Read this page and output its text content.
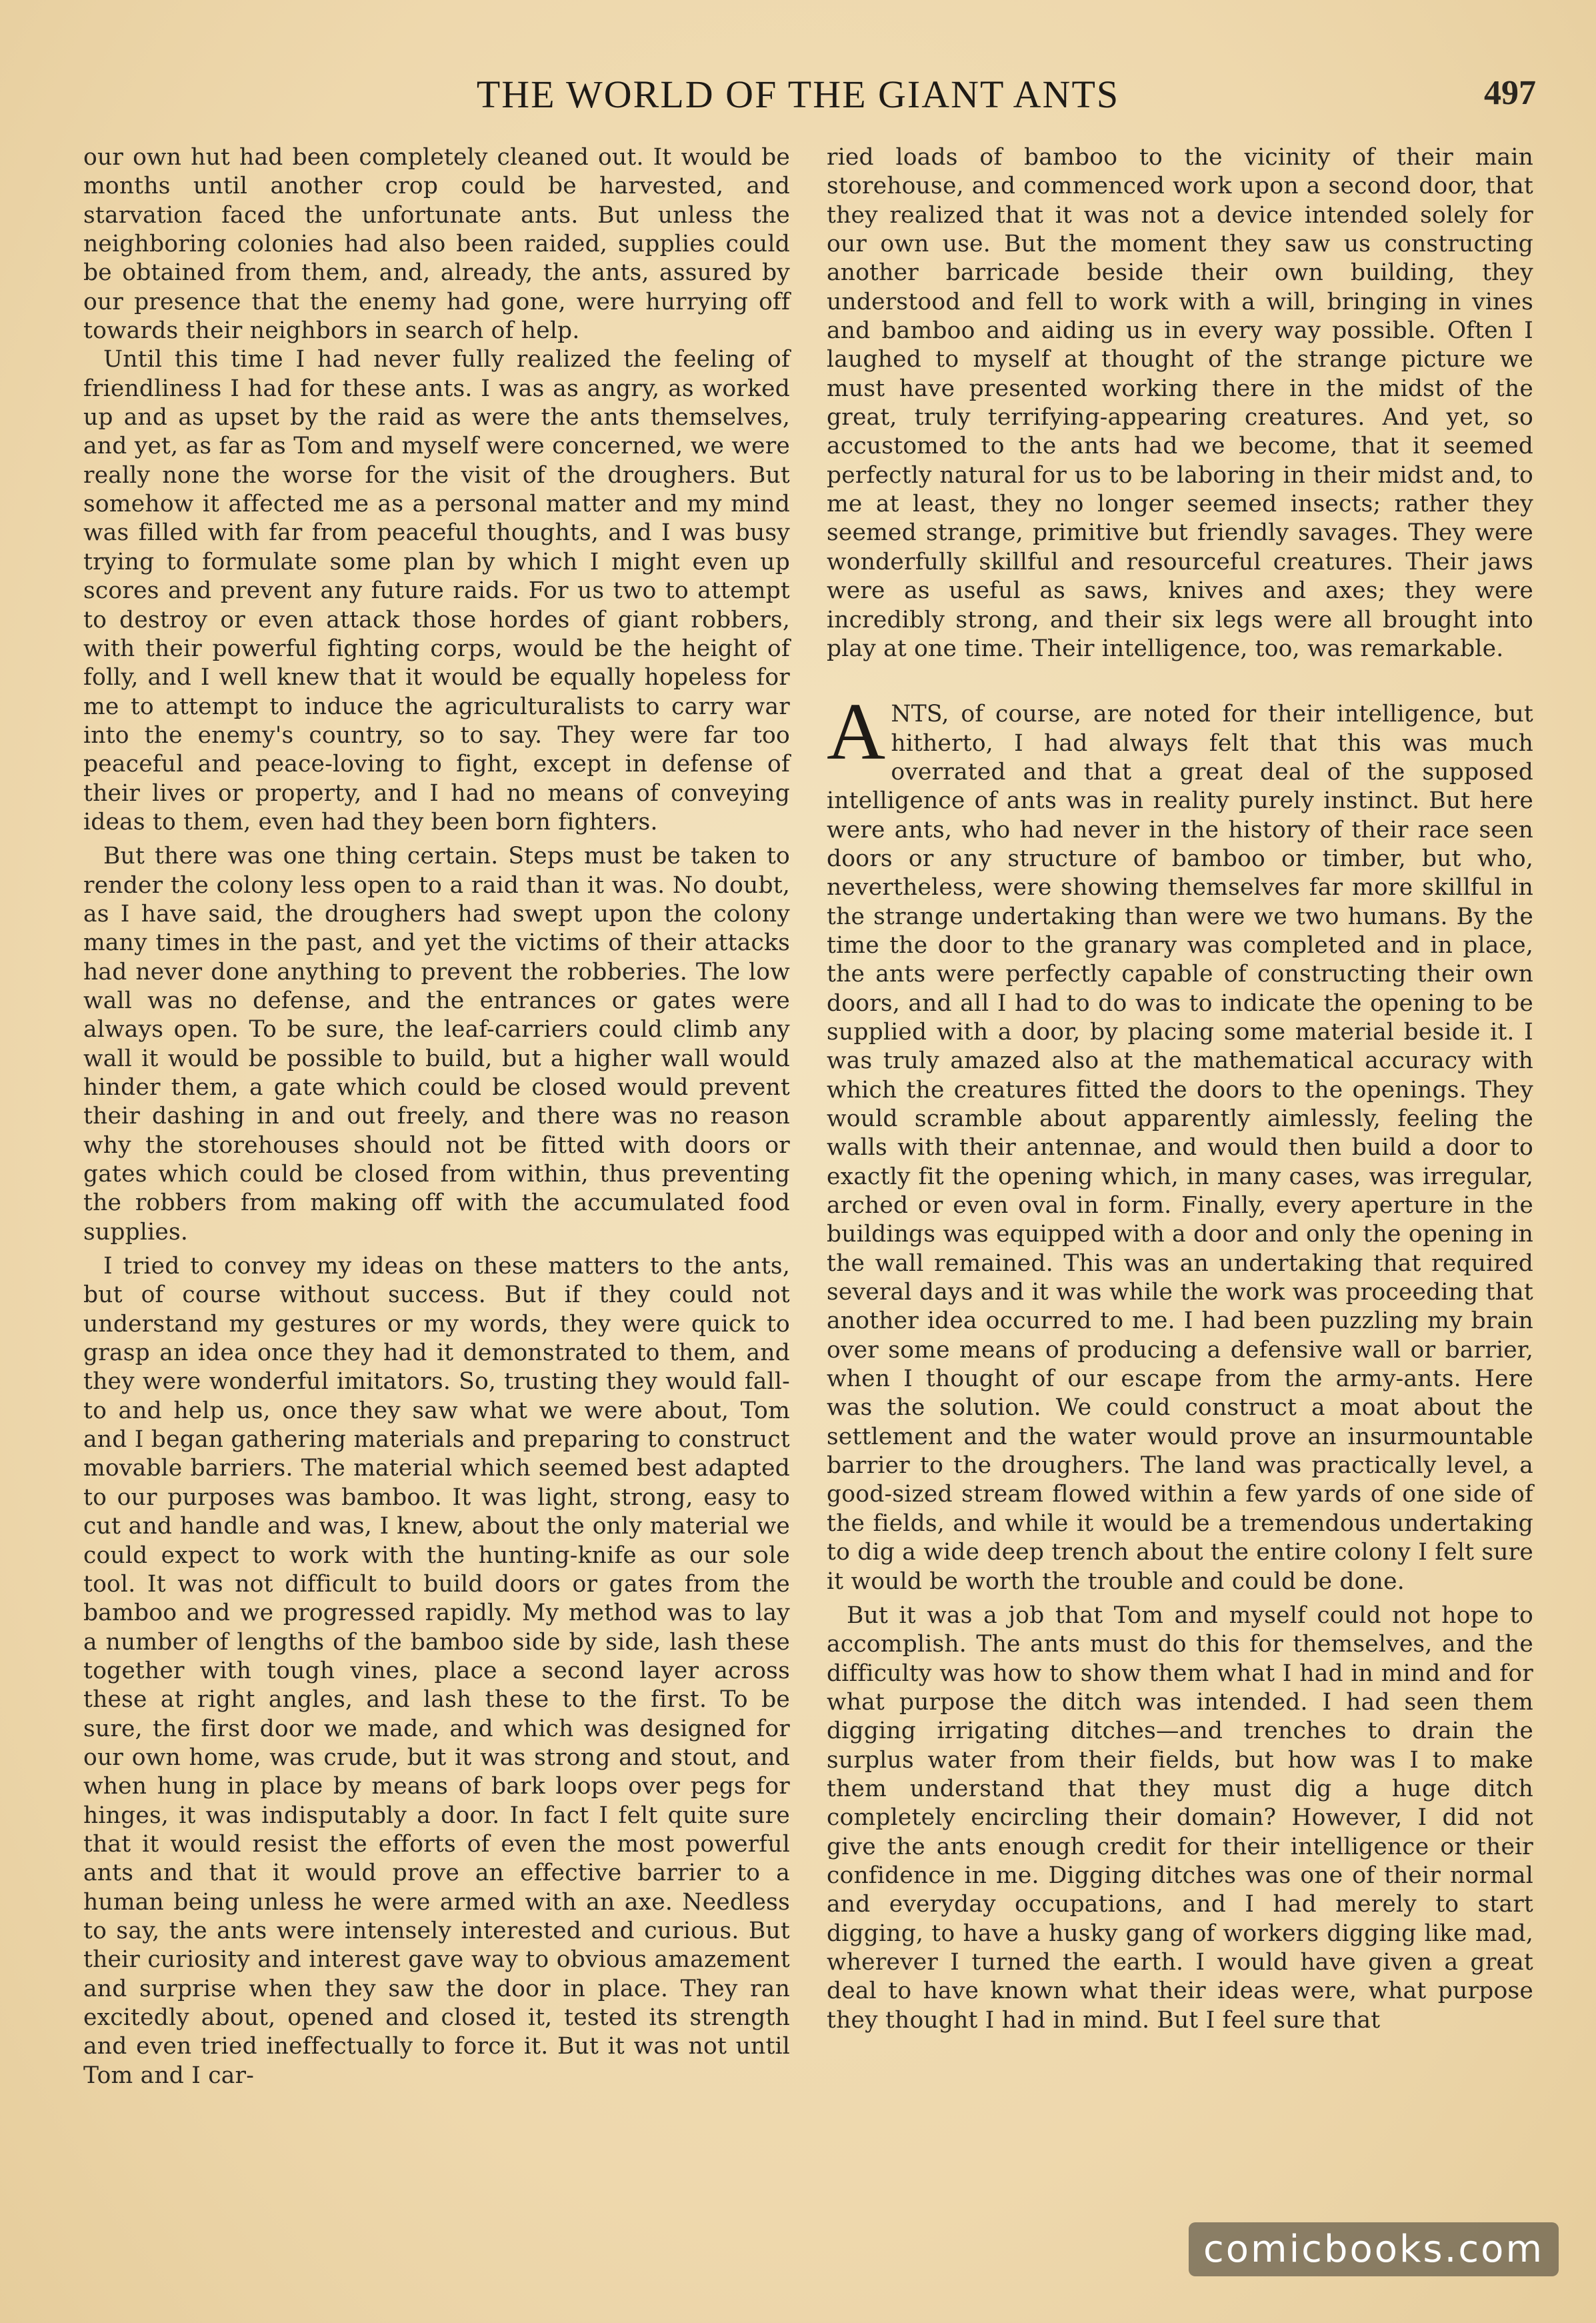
THE WORLD OF THE GIANT ANTS	497

our own hut had been completely cleaned out. It would be months until another crop could be harvested, and starvation faced the unfortunate ants. But unless the neighboring colonies had also been raided, supplies could be obtained from them, and, already, the ants, assured by our presence that the enemy had gone, were hurrying off towards their neighbors in search of help.

Until this time I had never fully realized the feeling of friendliness I had for these ants. I was as angry, as worked up and as upset by the raid as were the ants themselves, and yet, as far as Tom and myself were concerned, we were really none the worse for the visit of the droughers. But somehow it affected me as a personal matter and my mind was filled with far from peaceful thoughts, and I was busy trying to formulate some plan by which I might even up scores and prevent any future raids. For us two to attempt to destroy or even attack those hordes of giant robbers, with their powerful fighting corps, would be the height of folly, and I well knew that it would be equally hopeless for me to attempt to induce the agriculturalists to carry war into the enemy's country, so to say. They were far too peaceful and peace-loving to fight, except in defense of their lives or property, and I had no means of conveying ideas to them, even had they been born fighters.

But there was one thing certain. Steps must be taken to render the colony less open to a raid than it was. No doubt, as I have said, the droughers had swept upon the colony many times in the past, and yet the victims of their attacks had never done anything to prevent the robberies. The low wall was no defense, and the entrances or gates were always open. To be sure, the leaf-carriers could climb any wall it would be possible to build, but a higher wall would hinder them, a gate which could be closed would prevent their dashing in and out freely, and there was no reason why the storehouses should not be fitted with doors or gates which could be closed from within, thus preventing the robbers from making off with the accumulated food supplies.

I tried to convey my ideas on these matters to the ants, but of course without success. But if they could not understand my gestures or my words, they were quick to grasp an idea once they had it demonstrated to them, and they were wonderful imitators. So, trusting they would fall-to and help us, once they saw what we were about, Tom and I began gathering materials and preparing to construct movable barriers. The material which seemed best adapted to our purposes was bamboo. It was light, strong, easy to cut and handle and was, I knew, about the only material we could expect to work with the hunting-knife as our sole tool. It was not difficult to build doors or gates from the bamboo and we progressed rapidly. My method was to lay a number of lengths of the bamboo side by side, lash these together with tough vines, place a second layer across these at right angles, and lash these to the first. To be sure, the first door we made, and which was designed for our own home, was crude, but it was strong and stout, and when hung in place by means of bark loops over pegs for hinges, it was indisputably a door. In fact I felt quite sure that it would resist the efforts of even the most powerful ants and that it would prove an effective barrier to a human being unless he were armed with an axe. Needless to say, the ants were intensely interested and curious. But their curiosity and interest gave way to obvious amazement and surprise when they saw the door in place. They ran excitedly about, opened and closed it, tested its strength and even tried ineffectually to force it. But it was not until Tom and I car-

ried loads of bamboo to the vicinity of their main storehouse, and commenced work upon a second door, that they realized that it was not a device intended solely for our own use. But the moment they saw us constructing another barricade beside their own building, they understood and fell to work with a will, bringing in vines and bamboo and aiding us in every way possible. Often I laughed to myself at thought of the strange picture we must have presented working there in the midst of the great, truly terrifying-appearing creatures. And yet, so accustomed to the ants had we become, that it seemed perfectly natural for us to be laboring in their midst and, to me at least, they no longer seemed insects; rather they seemed strange, primitive but friendly savages. They were wonderfully skillful and resourceful creatures. Their jaws were as useful as saws, knives and axes; they were incredibly strong, and their six legs were all brought into play at one time. Their intelligence, too, was remarkable.

ANTS, of course, are noted for their intelligence, but hitherto, I had always felt that this was much overrated and that a great deal of the supposed intelligence of ants was in reality purely instinct. But here were ants, who had never in the history of their race seen doors or any structure of bamboo or timber, but who, nevertheless, were showing themselves far more skillful in the strange undertaking than were we two humans. By the time the door to the granary was completed and in place, the ants were perfectly capable of constructing their own doors, and all I had to do was to indicate the opening to be supplied with a door, by placing some material beside it. I was truly amazed also at the mathematical accuracy with which the creatures fitted the doors to the openings. They would scramble about apparently aimlessly, feeling the walls with their antennae, and would then build a door to exactly fit the opening which, in many cases, was irregular, arched or even oval in form. Finally, every aperture in the buildings was equipped with a door and only the opening in the wall remained. This was an undertaking that required several days and it was while the work was proceeding that another idea occurred to me. I had been puzzling my brain over some means of producing a defensive wall or barrier, when I thought of our escape from the army-ants. Here was the solution. We could construct a moat about the settlement and the water would prove an insurmountable barrier to the droughers. The land was practically level, a good-sized stream flowed within a few yards of one side of the fields, and while it would be a tremendous undertaking to dig a wide deep trench about the entire colony I felt sure it would be worth the trouble and could be done.

But it was a job that Tom and myself could not hope to accomplish. The ants must do this for themselves, and the difficulty was how to show them what I had in mind and for what purpose the ditch was intended. I had seen them digging irrigating ditches—and trenches to drain the surplus water from their fields, but how was I to make them understand that they must dig a huge ditch completely encircling their domain? However, I did not give the ants enough credit for their intelligence or their confidence in me. Digging ditches was one of their normal and everyday occupations, and I had merely to start digging, to have a husky gang of workers digging like mad, wherever I turned the earth. I would have given a great deal to have known what their ideas were, what purpose they thought I had in mind. But I feel sure that

comicbooks.com
